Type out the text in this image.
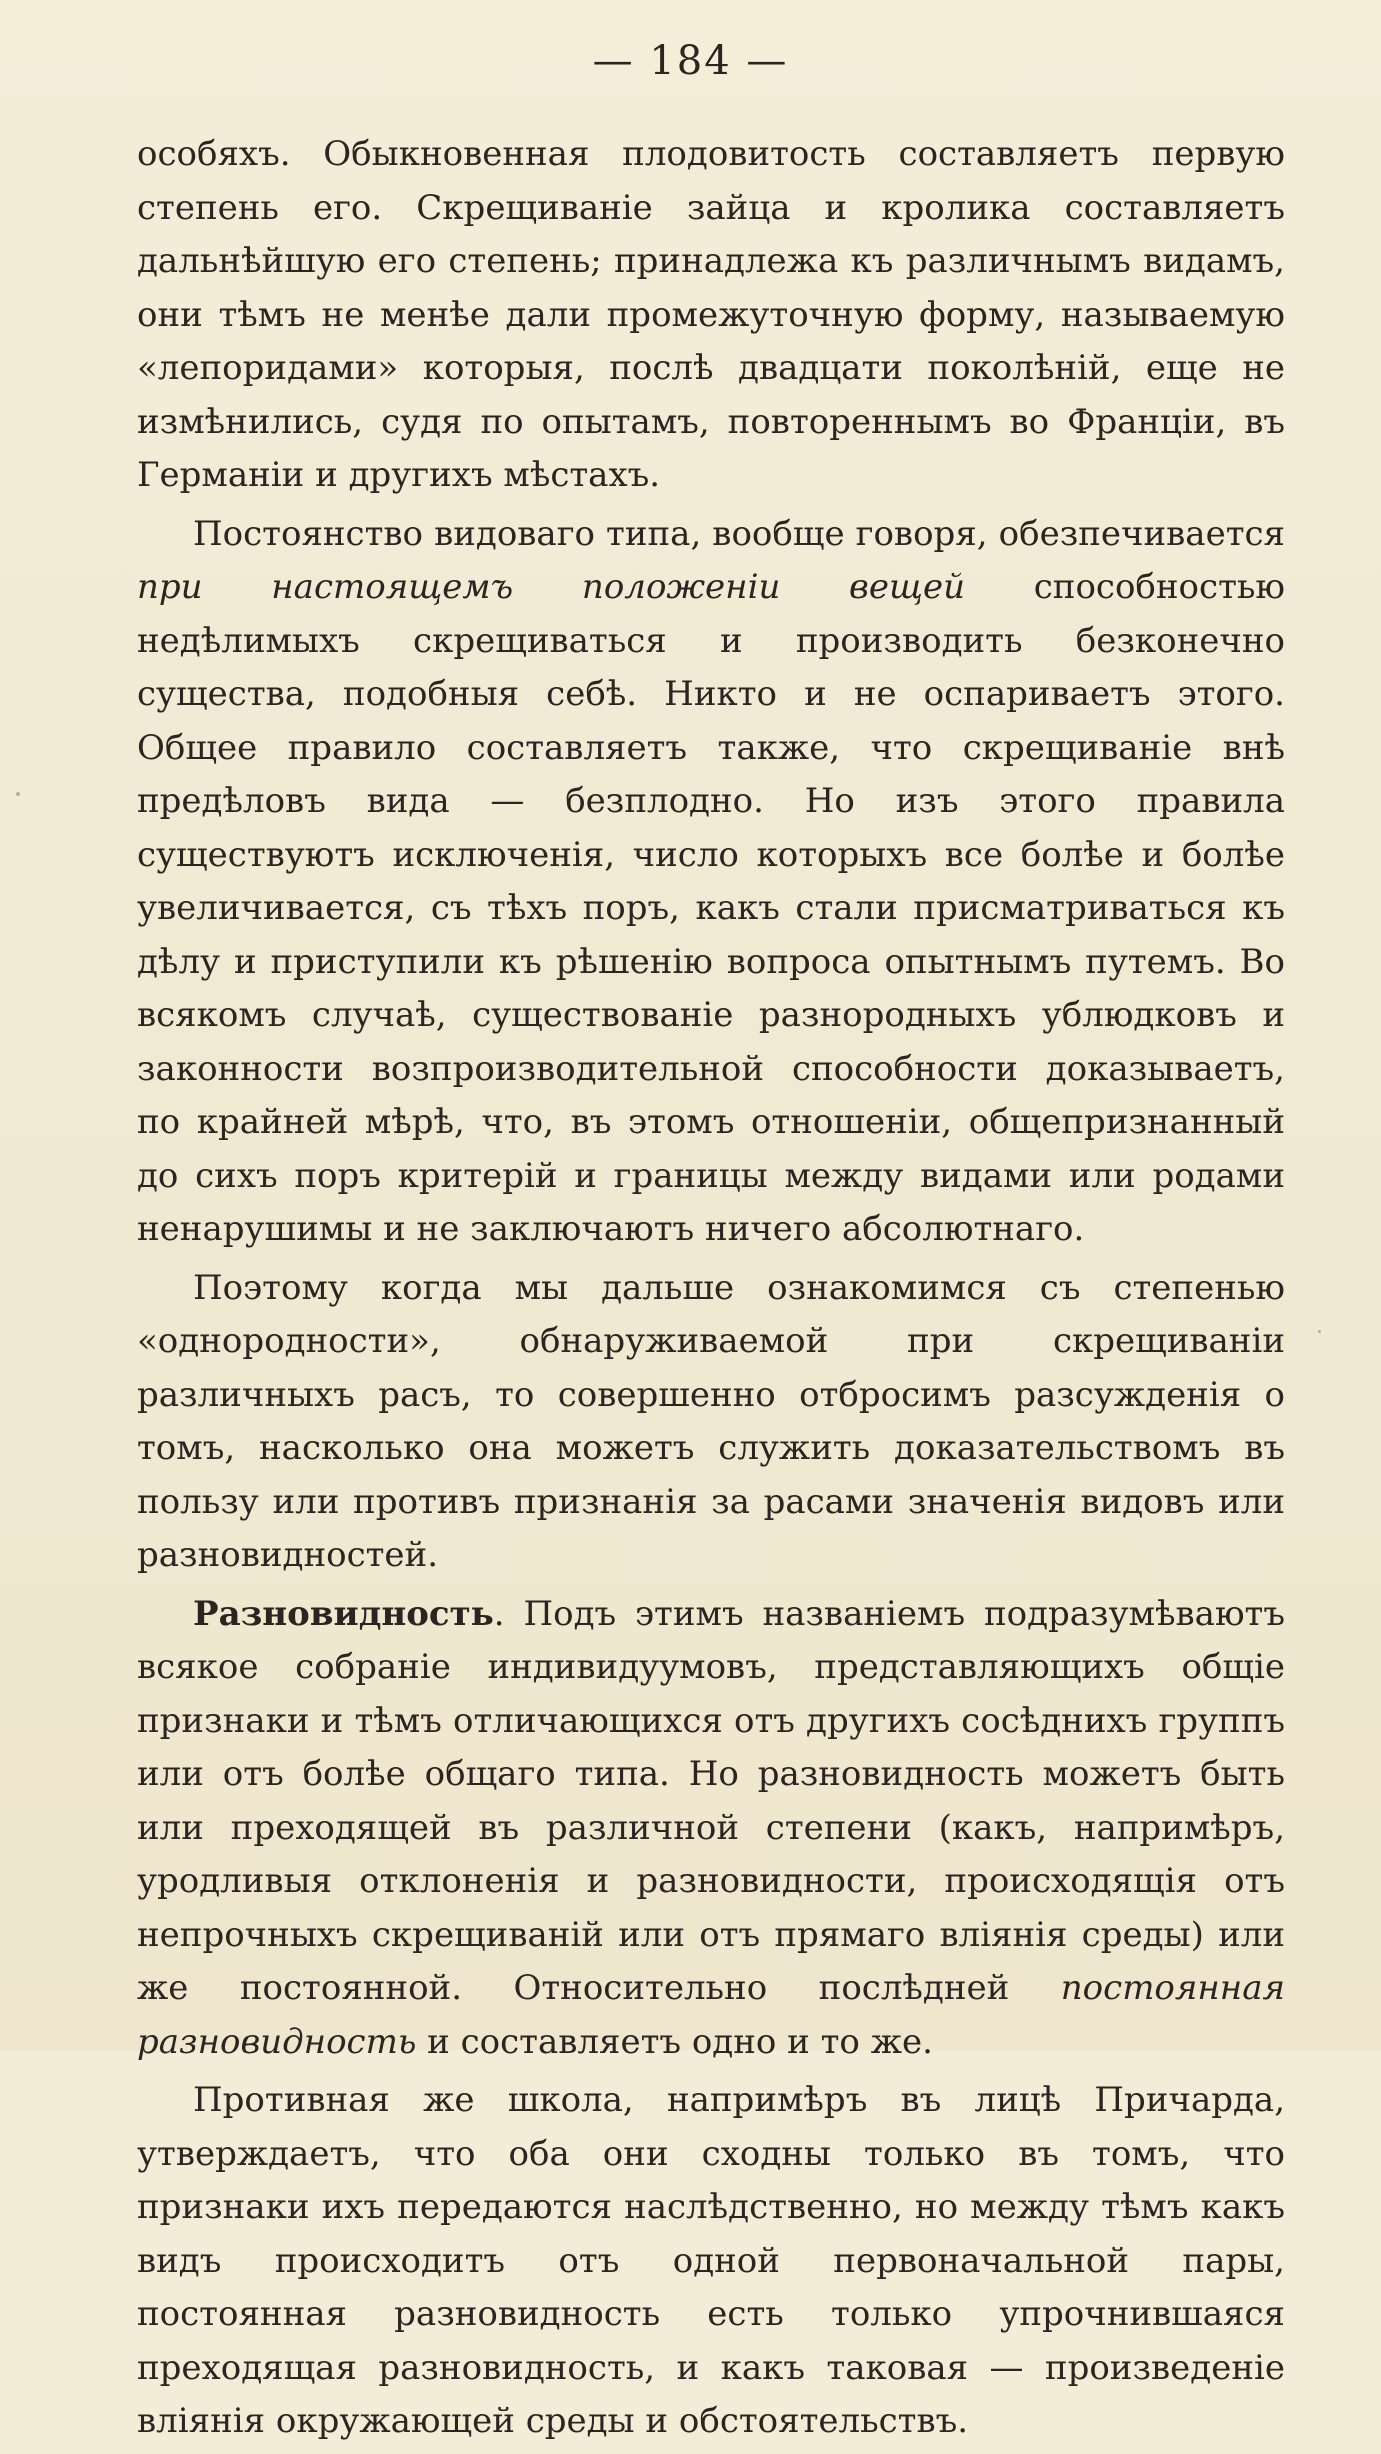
— 184 —

особяхъ. Обыкновенная плодовитость составляетъ первую степень его. Скрещиванiе зайца и кролика составляетъ дальнѣйшую его степень; принадлежа къ различнымъ видамъ, они тѣмъ не менѣе дали промежуточную форму, называемую «лепоридами» которыя, послѣ двадцати поколѣнiй, еще не измѣнились, судя по опытамъ, повтореннымъ во Францiи, въ Германiи и другихъ мѣстахъ.

Постоянство видоваго типа, вообще говоря, обезпечивается при настоящемъ положенiи вещей способностью недѣлимыхъ скрещиваться и производить безконечно существа, подобныя себѣ. Никто и не оспариваетъ этого. Общее правило составляетъ также, что скрещиванiе внѣ предѣловъ вида — безплодно. Но изъ этого правила существуютъ исключенiя, число которыхъ все болѣе и болѣе увеличивается, съ тѣхъ поръ, какъ стали присматриваться къ дѣлу и приступили къ рѣшенiю вопроса опытнымъ путемъ. Во всякомъ случаѣ, существованiе разнородныхъ ублюдковъ и законности возпроизводительной способности доказываетъ, по крайней мѣрѣ, что, въ этомъ отношенiи, общепризнанный до сихъ поръ критерiй и границы между видами или родами ненарушимы и не заключаютъ ничего абсолютнаго.

Поэтому когда мы дальше ознакомимся съ степенью «однородности», обнаруживаемой при скрещиванiи различныхъ расъ, то совершенно отбросимъ разсужденiя о томъ, насколько она можетъ служить доказательствомъ въ пользу или противъ признанiя за расами значенiя видовъ или разновидностей.

Разновидность. Подъ этимъ названiемъ подразумѣваютъ всякое собранiе индивидуумовъ, представляющихъ общiе признаки и тѣмъ отличающихся отъ другихъ сосѣднихъ группъ или отъ болѣе общаго типа. Но разновидность можетъ быть или преходящей въ различной степени (какъ, напримѣръ, уродливыя отклоненiя и разновидности, происходящiя отъ непрочныхъ скрещиванiй или отъ прямаго влiянiя среды) или же постоянной. Относительно послѣдней постоянная разновидность и составляетъ одно и то же.

Противная же школа, напримѣръ въ лицѣ Причарда, утверждаетъ, что оба они сходны только въ томъ, что признаки ихъ передаются наслѣдственно, но между тѣмъ какъ видъ происходитъ отъ одной первоначальной пары, постоянная разновидность есть только упрочнившаяся преходящая разновидность, и какъ таковая — произведенiе влiянiя окружающей среды и обстоятельствъ.
